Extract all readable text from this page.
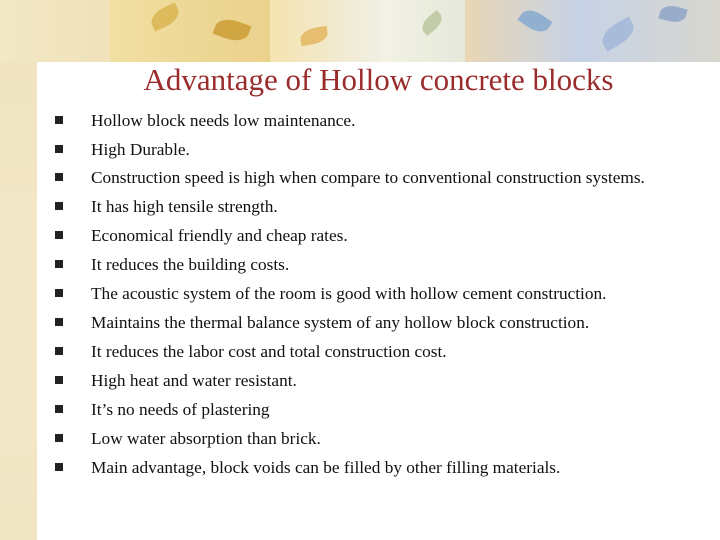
Advantage of Hollow concrete blocks
Hollow block needs low maintenance.
High Durable.
Construction speed is high when compare to conventional construction systems.
It has high tensile strength.
Economical friendly and cheap rates.
It reduces the building costs.
The acoustic system of the room is good with hollow cement construction.
Maintains the thermal balance system of any hollow block construction.
It reduces the labor cost and total construction cost.
High heat and water resistant.
It’s no needs of plastering
Low water absorption than brick.
Main advantage, block voids can be filled by other filling materials.
